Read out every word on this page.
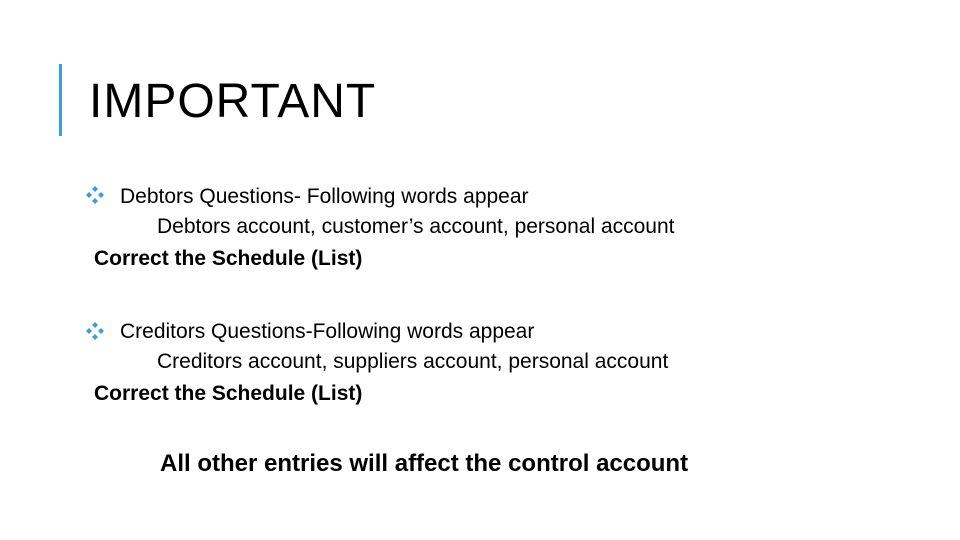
IMPORTANT
Debtors Questions- Following words appear
Debtors account, customer’s account, personal account
Correct the Schedule (List)
Creditors Questions-Following words appear
Creditors account, suppliers account, personal account
Correct the Schedule (List)
All other entries will affect the control account
